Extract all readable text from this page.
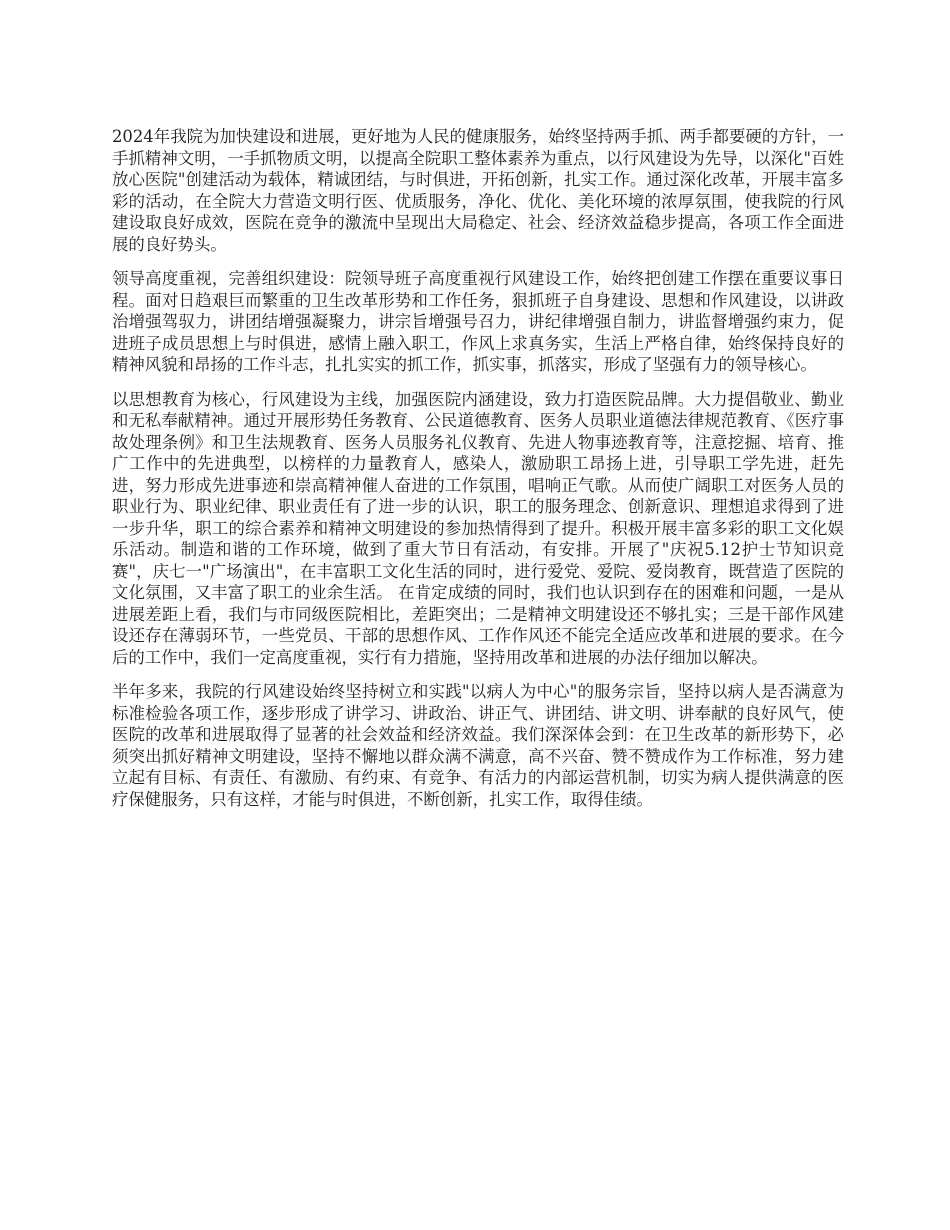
2024年我院为加快建设和进展，更好地为人民的健康服务，始终坚持两手抓、两手都要硬的方针，一手抓精神文明，一手抓物质文明，以提高全院职工整体素养为重点，以行风建设为先导，以深化"百姓放心医院"创建活动为载体，精诚团结，与时俱进，开拓创新，扎实工作。通过深化改革，开展丰富多彩的活动，在全院大力营造文明行医、优质服务，净化、优化、美化环境的浓厚氛围，使我院的行风建设取良好成效，医院在竞争的激流中呈现出大局稳定、社会、经济效益稳步提高，各项工作全面进展的良好势头。

领导高度重视，完善组织建设：院领导班子高度重视行风建设工作，始终把创建工作摆在重要议事日程。面对日趋艰巨而繁重的卫生改革形势和工作任务，狠抓班子自身建设、思想和作风建设，以讲政治增强驾驭力，讲团结增强凝聚力，讲宗旨增强号召力，讲纪律增强自制力，讲监督增强约束力，促进班子成员思想上与时俱进，感情上融入职工，作风上求真务实，生活上严格自律，始终保持良好的精神风貌和昂扬的工作斗志，扎扎实实的抓工作，抓实事，抓落实，形成了坚强有力的领导核心。

以思想教育为核心，行风建设为主线，加强医院内涵建设，致力打造医院品牌。大力提倡敬业、勤业和无私奉献精神。通过开展形势任务教育、公民道德教育、医务人员职业道德法律规范教育、《医疗事故处理条例》和卫生法规教育、医务人员服务礼仪教育、先进人物事迹教育等，注意挖掘、培育、推广工作中的先进典型，以榜样的力量教育人，感染人，激励职工昂扬上进，引导职工学先进，赶先进，努力形成先进事迹和崇高精神催人奋进的工作氛围，唱响正气歌。从而使广阔职工对医务人员的职业行为、职业纪律、职业责任有了进一步的认识，职工的服务理念、创新意识、理想追求得到了进一步升华，职工的综合素养和精神文明建设的参加热情得到了提升。积极开展丰富多彩的职工文化娱乐活动。制造和谐的工作环境，做到了重大节日有活动，有安排。开展了"庆祝5.12护士节知识竞赛"，庆七一"广场演出"，在丰富职工文化生活的同时，进行爱党、爱院、爱岗教育，既营造了医院的文化氛围，又丰富了职工的业余生活。 在肯定成绩的同时，我们也认识到存在的困难和问题，一是从进展差距上看，我们与市同级医院相比，差距突出；二是精神文明建设还不够扎实；三是干部作风建设还存在薄弱环节，一些党员、干部的思想作风、工作作风还不能完全适应改革和进展的要求。在今后的工作中，我们一定高度重视，实行有力措施，坚持用改革和进展的办法仔细加以解决。

半年多来，我院的行风建设始终坚持树立和实践"以病人为中心"的服务宗旨，坚持以病人是否满意为标准检验各项工作，逐步形成了讲学习、讲政治、讲正气、讲团结、讲文明、讲奉献的良好风气，使医院的改革和进展取得了显著的社会效益和经济效益。我们深深体会到：在卫生改革的新形势下，必须突出抓好精神文明建设，坚持不懈地以群众满不满意，高不兴奋、赞不赞成作为工作标准，努力建立起有目标、有责任、有激励、有约束、有竞争、有活力的内部运营机制，切实为病人提供满意的医疗保健服务，只有这样，才能与时俱进，不断创新，扎实工作，取得佳绩。
